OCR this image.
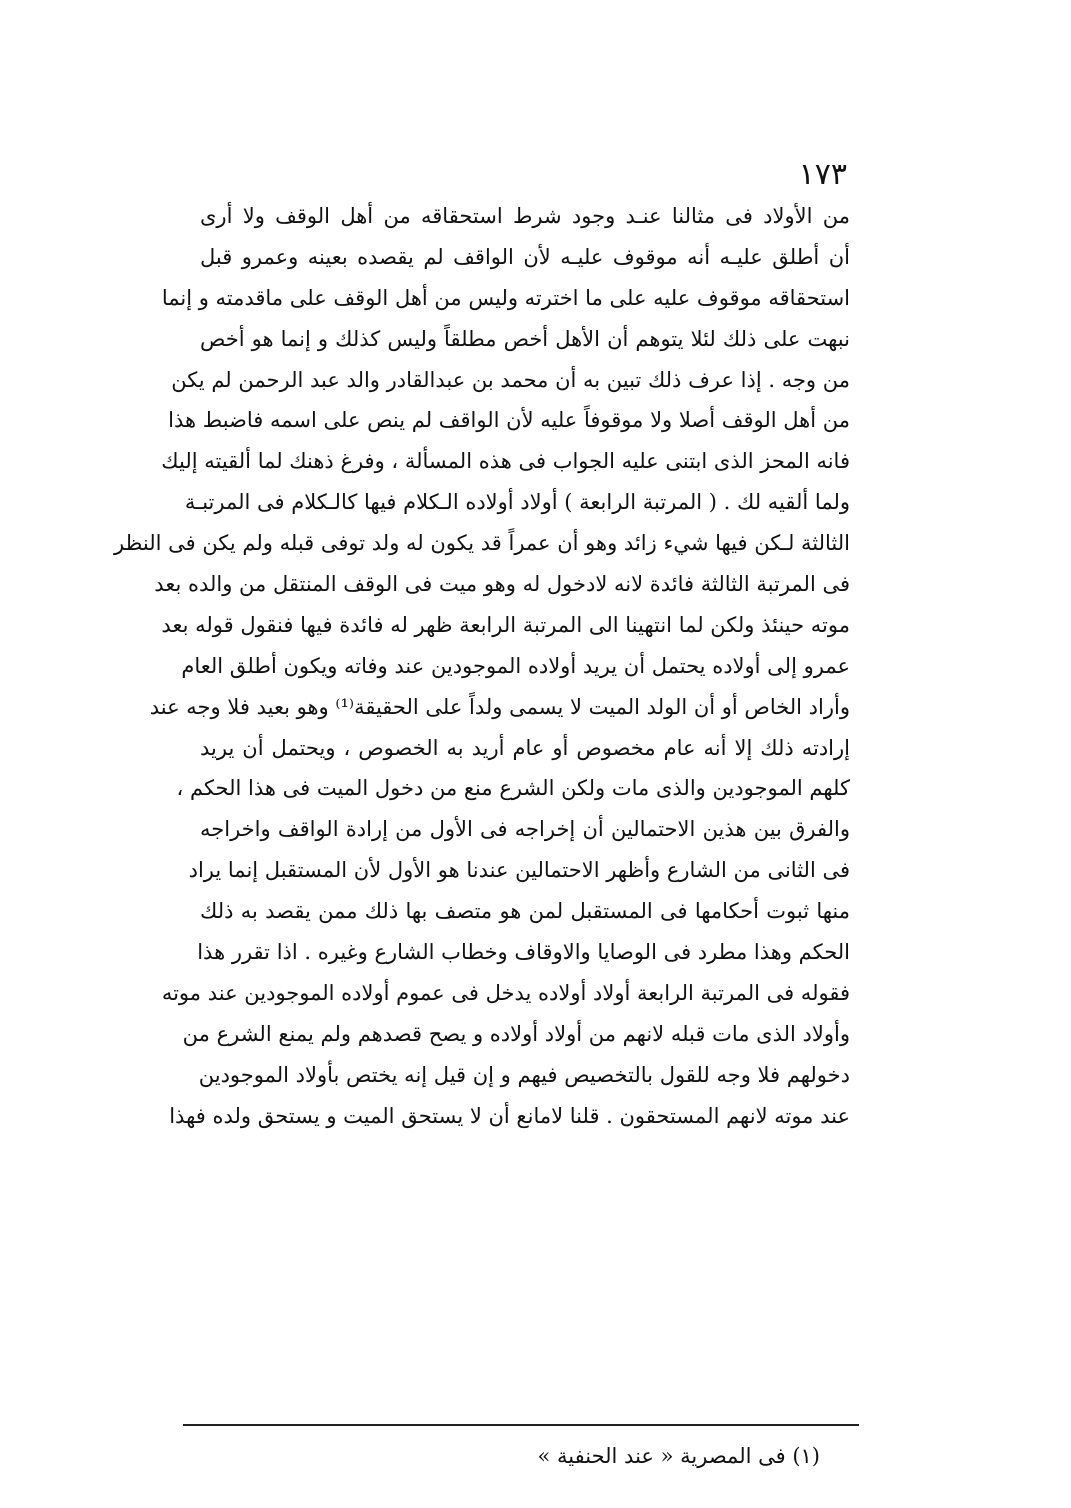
١٧٣
من الأولاد فى مثالنا عنـد وجود شرط استحقاقه من أهل الوقف ولا أرى
أن أطلق عليـه أنه موقوف عليـه لأن الواقف لم يقصده بعينه وعمرو قبل
استحقاقه موقوف عليه على ما اخترته وليس من أهل الوقف على ماقدمته و إنما
نبهت على ذلك لئلا يتوهم أن الأهل أخص مطلقاً وليس كذلك و إنما هو أخص
من وجه . إذا عرف ذلك تبين به أن محمد بن عبدالقادر والد عبد الرحمن لم يكن
من أهل الوقف أصلا ولا موقوفاً عليه لأن الواقف لم ينص على اسمه فاضبط هذا
فانه المحز الذى ابتنى عليه الجواب فى هذه المسألة ، وفرغ ذهنك لما ألقيته إليك
ولما ألقيه لك . ( المرتبة الرابعة ) أولاد أولاده الـكلام فيها كالـكلام فى المرتبـة
الثالثة لـكن فيها شيء زائد وهو أن عمراً قد يكون له ولد توفى قبله ولم يكن فى النظر
فى المرتبة الثالثة فائدة لانه لادخول له وهو ميت فى الوقف المنتقل من والده بعد
موته حينئذ ولكن لما انتهينا الى المرتبة الرابعة ظهر له فائدة فيها فنقول قوله بعد
عمرو إلى أولاده يحتمل أن يريد أولاده الموجودين عند وفاته ويكون أطلق العام
وأراد الخاص أو أن الولد الميت لا يسمى ولداً على الحقيقة⁽¹⁾ وهو بعيد فلا وجه عند
إرادته ذلك إلا أنه عام مخصوص أو عام أريد به الخصوص ، ويحتمل أن يريد
كلهم الموجودين والذى مات ولكن الشرع منع من دخول الميت فى هذا الحكم ،
والفرق بين هذين الاحتمالين أن إخراجه فى الأول من إرادة الواقف واخراجه
فى الثانى من الشارع وأظهر الاحتمالين عندنا هو الأول لأن المستقبل إنما يراد
منها ثبوت أحكامها فى المستقبل لمن هو متصف بها ذلك ممن يقصد به ذلك
الحكم وهذا مطرد فى الوصايا والاوقاف وخطاب الشارع وغيره . اذا تقرر هذا
فقوله فى المرتبة الرابعة أولاد أولاده يدخل فى عموم أولاده الموجودين عند موته
وأولاد الذى مات قبله لانهم من أولاد أولاده و يصح قصدهم ولم يمنع الشرع من
دخولهم فلا وجه للقول بالتخصيص فيهم و إن قيل إنه يختص بأولاد الموجودين
عند موته لانهم المستحقون . قلنا لامانع أن لا يستحق الميت و يستحق ولده فهذا
(١) فى المصرية « عند الحنفية »
